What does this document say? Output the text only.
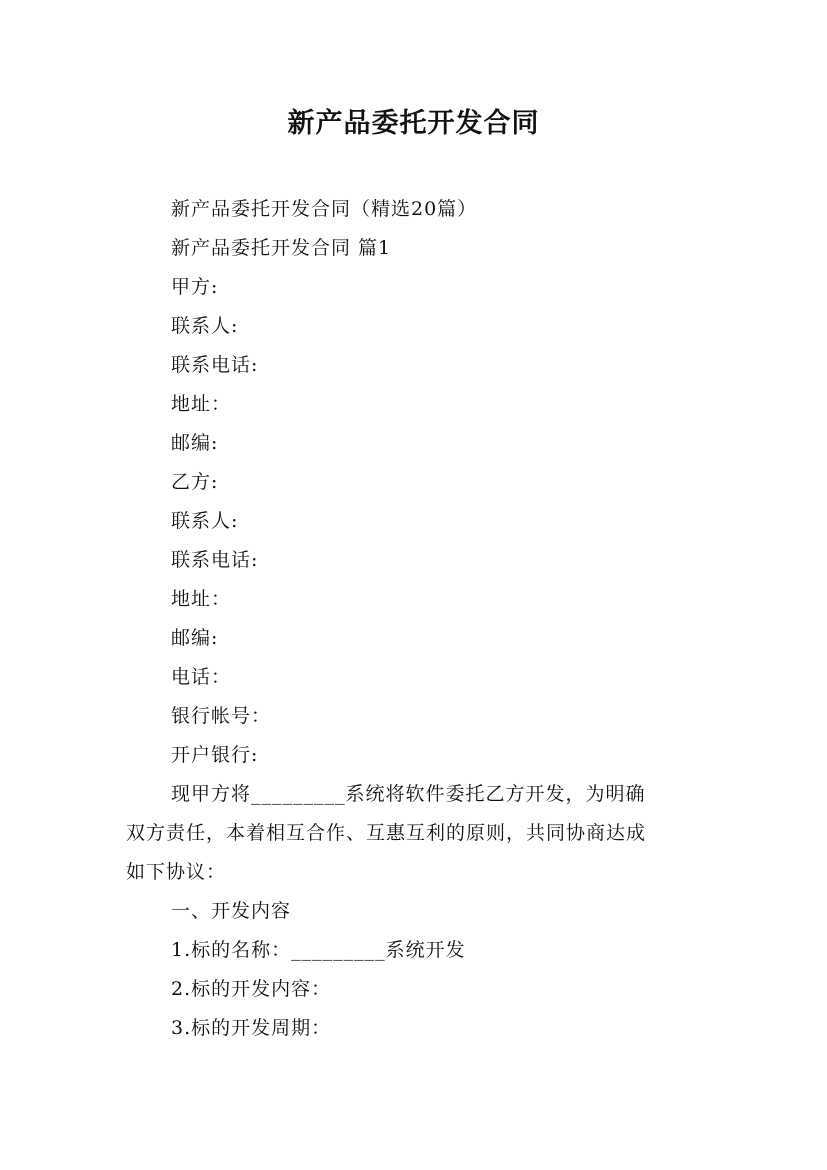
新产品委托开发合同
新产品委托开发合同（精选20篇）
新产品委托开发合同 篇1
甲方:
联系人:
联系电话:
地址：
邮编:
乙方:
联系人:
联系电话:
地址：
邮编:
电话：
银行帐号：
开户银行:
现甲方将_________系统将软件委托乙方开发，为明确
双方责任，本着相互合作、互惠互利的原则，共同协商达成
如下协议：
一、开发内容
1.标的名称：_________系统开发
2.标的开发内容：
3.标的开发周期：
